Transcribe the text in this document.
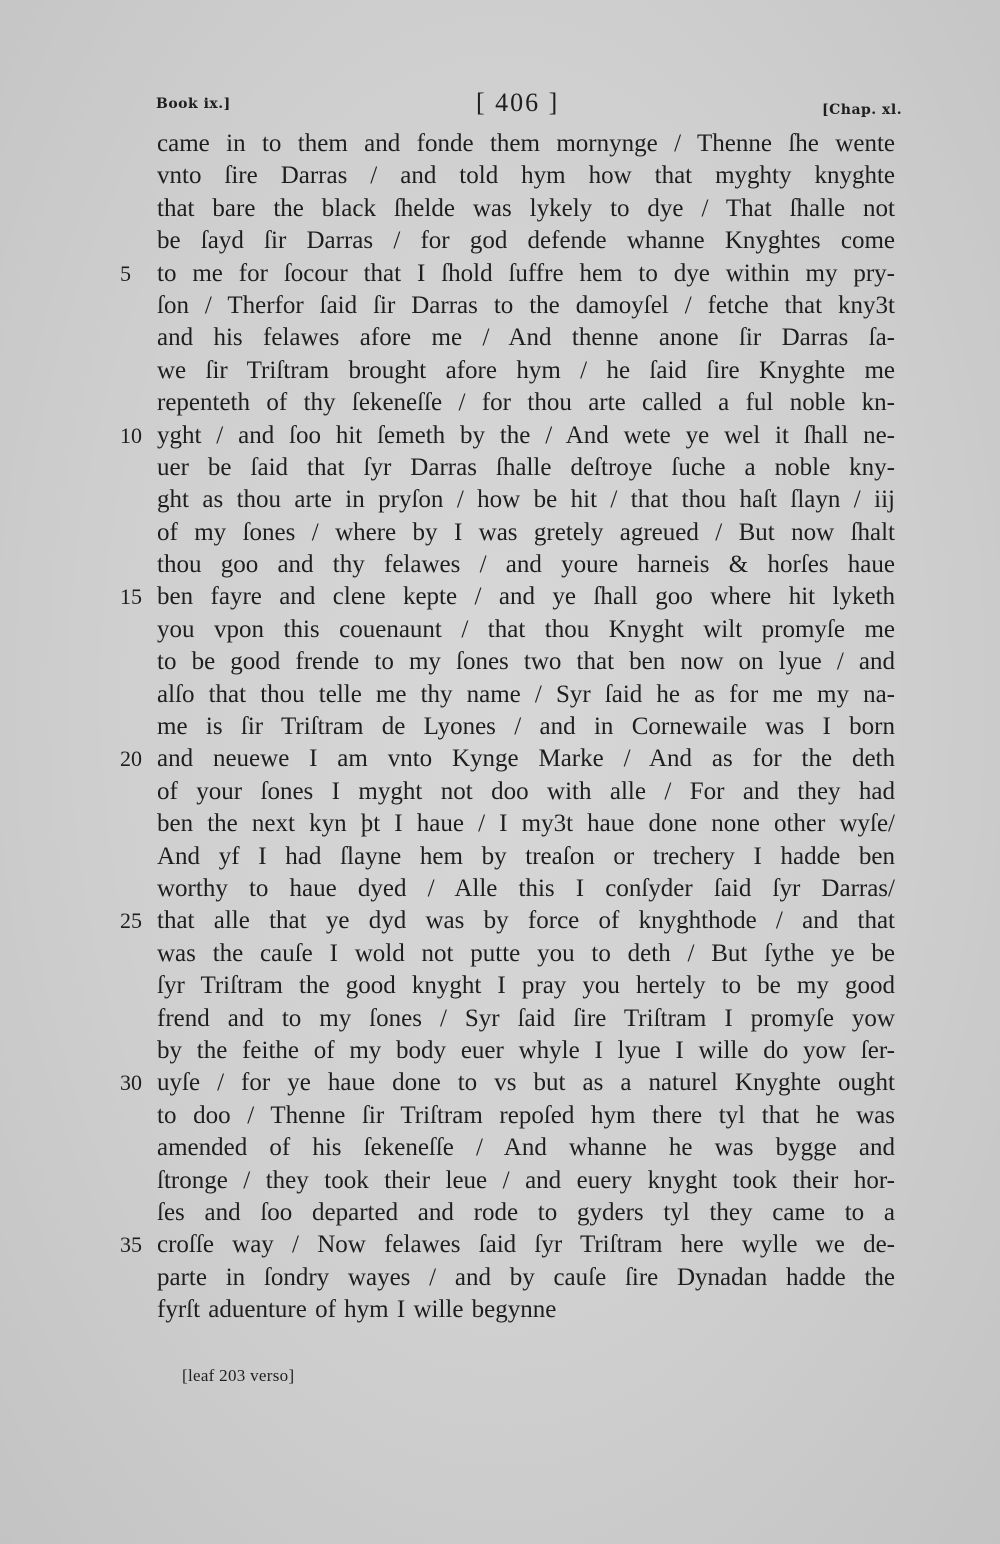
Book ix.]	[ 406 ]	[Chap. xl.
came in to them and fonde them mornynge / Thenne ſhe wente
vnto ſire Darras / and told hym how that myghty knyghte
that bare the black ſhelde was lykely to dye / That ſhalle not
be ſayd ſir Darras / for god defende whanne Knyghtes come
5	to me for ſocour that I ſhold ſuffre hem to dye within my pry-
ſon / Therfor ſaid ſir Darras to the damoyſel / fetche that kny3t
and his felawes afore me / And thenne anone ſir Darras ſa-
we ſir Triſtram brought afore hym / he ſaid ſire Knyghte me
repenteth of thy ſekeneſſe / for thou arte called a ful noble kn-
10 yght / and ſoo hit ſemeth by the / And wete ye wel it ſhall ne-
uer be ſaid that ſyr Darras ſhalle deſtroye ſuche a noble kny-
ght as thou arte in pryſon / how be hit / that thou haſt ſlayn / iij
of my ſones / where by I was gretely agreued / But now ſhalt
thou goo and thy felawes / and youre harneis & horſes haue
15 ben fayre and clene kepte / and ye ſhall goo where hit lyketh
you vpon this couenaunt / that thou Knyght wilt promyſe me
to be good frende to my ſones two that ben now on lyue / and
alſo that thou telle me thy name / Syr ſaid he as for me my na-
me is ſir Triſtram de Lyones / and in Cornewaile was I born
20 and neuewe I am vnto Kynge Marke / And as for the deth
of your ſones I myght not doo with alle / For and they had
ben the next kyn þt I haue / I my3t haue done none other wyſe/
And yf I had ſlayne hem by treaſon or trechery I hadde ben
worthy to haue dyed / Alle this I conſyder ſaid ſyr Darras/
25 that alle that ye dyd was by force of knyghthode / and that
was the cauſe I wold not putte you to deth / But ſythe ye be
ſyr Triſtram the good knyght I pray you hertely to be my good
frend and to my ſones / Syr ſaid ſire Triſtram I promyſe yow
by the feithe of my body euer whyle I lyue I wille do yow ſer-
30 uyſe / for ye haue done to vs but as a naturel Knyghte ought
to doo / Thenne ſir Triſtram repoſed hym there tyl that he was
amended of his ſekeneſſe / And whanne he was bygge and
ſtronge / they took their leue / and euery knyght took their hor-
ſes and ſoo departed and rode to gyders tyl they came to a
35 croſſe way / Now felawes ſaid ſyr Triſtram here wylle we de-
parte in ſondry wayes / and by cauſe ſire Dynadan hadde the
fyrſt aduenture of hym I wille begynne
[leaf 203 verso]
